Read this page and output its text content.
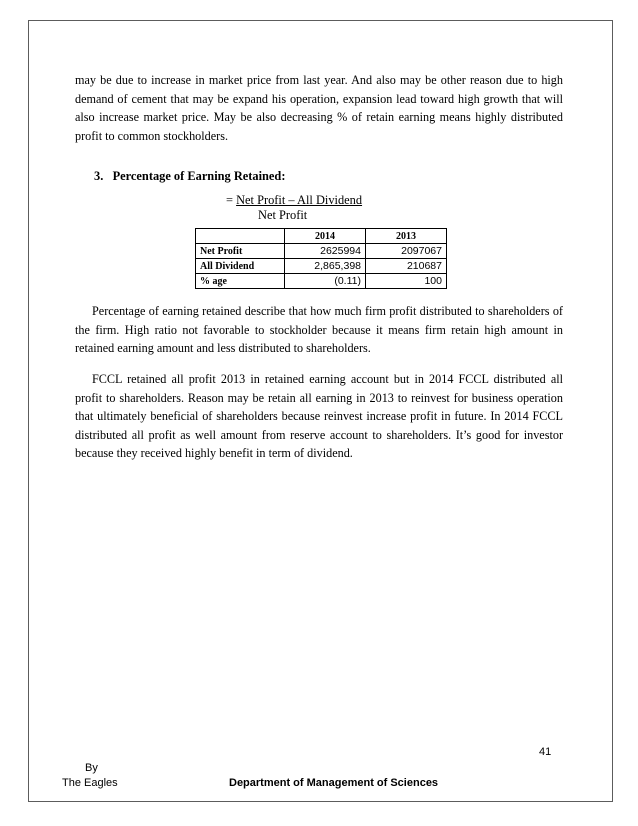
may be due to increase in market price from last year. And also may be other reason due to high demand of cement that may be expand his operation, expansion lead toward high growth that will also increase market price. May be also decreasing % of retain earning means highly distributed profit to common stockholders.

3.   Percentage of Earning Retained:

= Net Profit – All Dividend
Net Profit
	2014	2013
Net Profit	2625994	2097067
All Dividend	2,865,398	210687
% age	(0.11)	100

Percentage of earning retained describe that how much firm profit distributed to shareholders of the firm. High ratio not favorable to stockholder because it means firm retain high amount in retained earning amount and less distributed to shareholders.

FCCL retained all profit 2013 in retained earning account but in 2014 FCCL distributed all profit to shareholders. Reason may be retain all earning in 2013 to reinvest for business operation that ultimately beneficial of shareholders because reinvest increase profit in future. In 2014 FCCL distributed all profit as well amount from reserve account to shareholders. It’s good for investor because they received highly benefit in term of dividend.

41
By
The Eagles	Department of Management of Sciences
